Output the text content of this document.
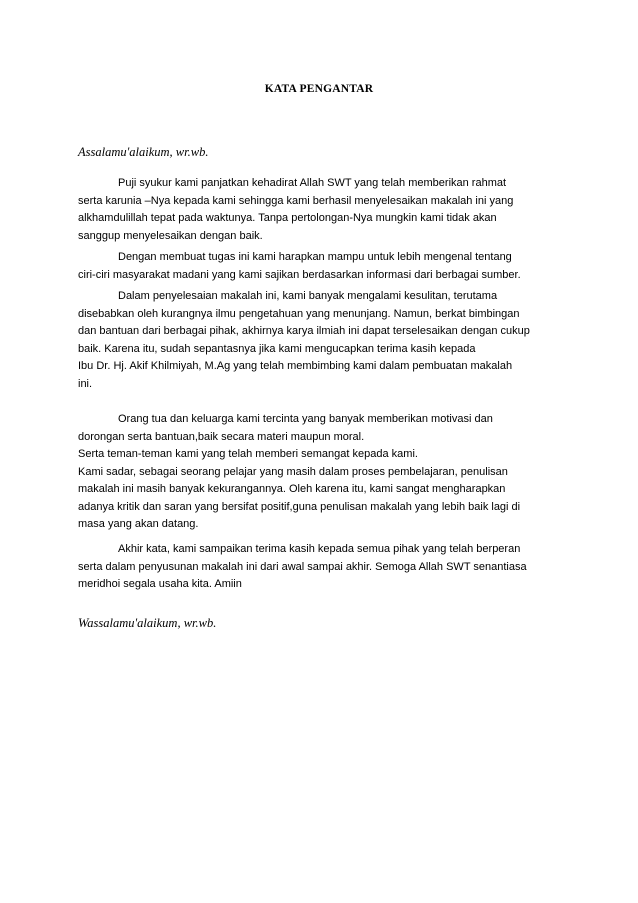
KATA PENGANTAR
Assalamu'alaikum, wr.wb.
Puji syukur kami panjatkan kehadirat Allah SWT yang telah memberikan rahmat
serta karunia –Nya kepada kami sehingga kami berhasil menyelesaikan makalah ini yang
alkhamdulillah tepat pada waktunya. Tanpa pertolongan-Nya mungkin kami tidak akan
sanggup menyelesaikan dengan baik.
Dengan membuat tugas ini kami harapkan mampu untuk lebih mengenal tentang
ciri-ciri masyarakat madani yang kami sajikan berdasarkan informasi dari berbagai sumber.
Dalam penyelesaian makalah ini, kami banyak mengalami kesulitan, terutama
disebabkan oleh kurangnya ilmu pengetahuan yang menunjang. Namun, berkat bimbingan
dan bantuan dari berbagai pihak, akhirnya karya ilmiah ini dapat terselesaikan dengan cukup
baik. Karena itu, sudah sepantasnya jika kami mengucapkan terima kasih kepada
Ibu Dr. Hj. Akif Khilmiyah, M.Ag yang telah membimbing kami dalam pembuatan makalah
ini.
Orang tua dan keluarga kami tercinta yang banyak memberikan motivasi dan
dorongan serta bantuan,baik secara materi maupun moral.
Serta teman-teman kami yang telah memberi semangat kepada kami.
Kami sadar, sebagai seorang pelajar yang masih dalam proses pembelajaran, penulisan
makalah ini masih banyak kekurangannya. Oleh karena itu, kami sangat mengharapkan
adanya kritik dan saran yang bersifat positif,guna penulisan makalah yang lebih baik lagi di
masa yang akan datang.
Akhir kata, kami sampaikan terima kasih kepada semua pihak yang telah berperan
serta dalam penyusunan makalah ini dari awal sampai akhir. Semoga Allah SWT senantiasa
meridhoi segala usaha kita. Amiin
Wassalamu'alaikum, wr.wb.
